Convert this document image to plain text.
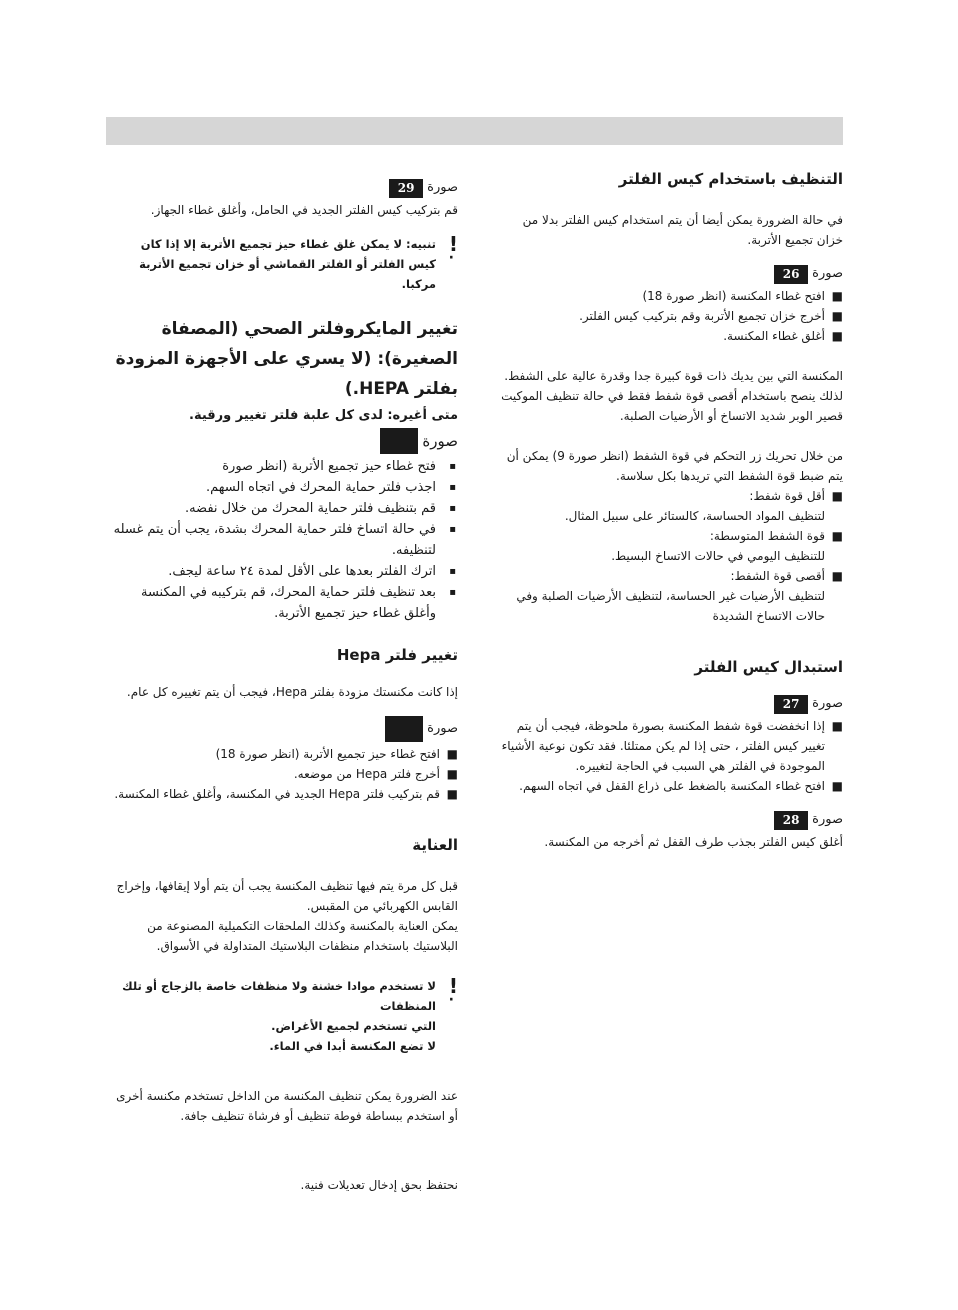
التنظيف باستخدام كيس الفلتر

في حالة الضرورة يمكن أيضا أن يتم استخدام كيس الفلتر بدلا من خزان تجميع الأتربة.

صورة
26
■ افتح غطاء المكنسة (انظر صورة 18)
■ أخرج خزان تجميع الأتربة وقم بتركيب كيس الفلتر.
■ أغلق غطاء المكنسة.

المكنسة التي بين يديك ذات قوة كبيرة جدا وقدرة عالية على الشفط. لذلك ينصح باستخدام أقصى قوة شفط فقط في حالة تنظيف الموكيت قصير الوبر شديد الاتساخ أو الأرضيات الصلبة.

من خلال تحريك زر التحكم في قوة الشفط (انظر صورة 9) يمكن أن يتم ضبط قوة الشفط التي تريدها بكل سلاسة.

■ أقل قوة شفط:
لتنظيف المواد الحساسة، كالستائر على سبيل المثال.
■ قوة الشفط المتوسطة:
للتنظيف اليومي في حالات الاتساخ البسيط.
■ أقصى قوة الشفط:
لتنظيف الأرضيات غير الحساسة، لتنظيف الأرضيات الصلبة وفي حالات الاتساخ الشديدة
استبدال كيس الفلتر
صورة
27
■ إذا انخفضت قوة شفط المكنسة بصورة ملحوظة، فيجب أن يتم تغيير كيس الفلتر ، حتى إذا لم يكن ممتلئا. فقد تكون نوعية الأشياء الموجودة في الفلتر هي السبب في الحاجة لتغييره.
■ افتح غطاء المكنسة بالضغط على ذراع القفل في اتجاه السهم.
صورة
28

أغلق كيس الفلتر بجذب طرف القفل ثم أخرجه من المكنسة.

صورة
29

قم بتركيب كيس الفلتر الجديد في الحامل، وأغلق غطاء الجهاز.

! ·
تنبيه: لا يمكن غلق غطاء حيز تجميع الأتربة إلا إذا كان كيس الفلتر أو الفلتر القماشي أو خزان تجميع الأتربة مركبا.
تغيير المايكروفلتر الصحي (المصفاة الصغيرة): (لا يسري على الأجهزة المزودة بفلتر HEPA.)

متى أغيره: لدى كل علبة فلتر تغيير ورقية.

صورة
▪ فتح غطاء حيز تجميع الأتربة (انظر صورة
▪ اجذب فلتر حماية المحرك في اتجاه السهم.
▪ قم بتنظيف فلتر حماية المحرك من خلال نفضه.
▪ في حالة اتساخ فلتر حماية المحرك بشدة، يجب أن يتم غسله لتنظيفه.
▪ اترك الفلتر بعدها على الأقل لمدة ٢٤ ساعة ليجف.
▪ بعد تنظيف فلتر حماية المحرك، قم بتركيبه في المكنسة وأغلق غطاء حيز تجميع الأتربة.
تغيير فلتر Hepa

إذا كانت مكنستك مزودة بفلتر Hepa، فيجب أن يتم تغييره كل عام.

صورة
■ افتح غطاء حيز تجميع الأتربة (انظر صورة 18)
■ أخرج فلتر Hepa من موضعه.
■ قم بتركيب فلتر Hepa الجديد في المكنسة، وأغلق غطاء المكنسة.
العناية

قبل كل مرة يتم فيها تنظيف المكنسة يجب أن يتم أولا إيقافها، وإخراج القابس الكهربائي من المقبس.

يمكن العناية بالمكنسة وكذلك الملحقات التكميلية المصنوعة من البلاستيك باستخدام منظفات البلاستيك المتداولة في الأسواق.

! ·
لا تستخدم موادا خشنة ولا منظفات خاصة بالزجاج أو تلك المنظفات
التي تستخدم لجميع الأغراض.
لا تضع المكنسة أبدا في الماء.

عند الضرورة يمكن تنظيف المكنسة من الداخل تستخدم مكنسة أخرى أو استخدم ببساطة فوطة تنظيف أو فرشاة تنظيف جافة.

نحتفظ بحق إدخال تعديلات فنية.
